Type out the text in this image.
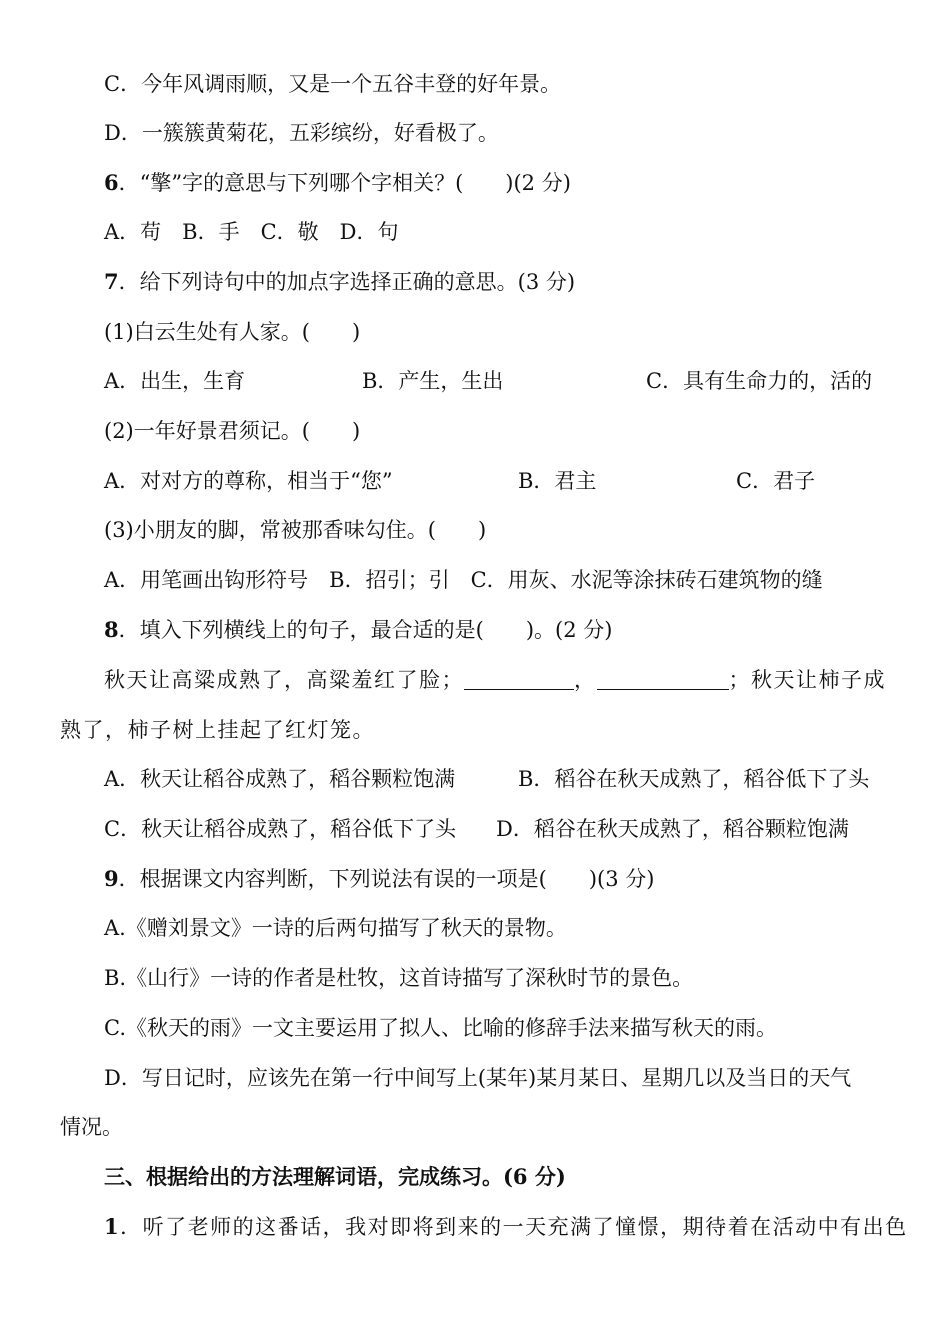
C．今年风调雨顺，又是一个五谷丰登的好年景。

D．一簇簇黄菊花，五彩缤纷，好看极了。

6．“擎”字的意思与下列哪个字相关？(　　)(2 分)

A．苟　B．手　C．敬　D．句

7．给下列诗句中的加点字选择正确的意思。(3 分)

(1)白云生处有人家。(　　)

A．出生，生育	B．产生，生出	C．具有生命力的，活的

(2)一年好景君须记。(　　)

A．对对方的尊称，相当于“您”	B．君主	C．君子

(3)小朋友的脚，常被那香味勾住。(　　)

A．用笔画出钩形符号　B．招引；引　C．用灰、水泥等涂抹砖石建筑物的缝

8．填入下列横线上的句子，最合适的是(　　)。(2 分)

秋天让高粱成熟了，高粱羞红了脸；	，	；秋天让柿子成

熟了，柿子树上挂起了红灯笼。

A．秋天让稻谷成熟了，稻谷颗粒饱满	B．稻谷在秋天成熟了，稻谷低下了头
C．秋天让稻谷成熟了，稻谷低下了头 D．稻谷在秋天成熟了，稻谷颗粒饱满

9．根据课文内容判断，下列说法有误的一项是(　　)(3 分)

A.《赠刘景文》一诗的后两句描写了秋天的景物。

B.《山行》一诗的作者是杜牧，这首诗描写了深秋时节的景色。

C.《秋天的雨》一文主要运用了拟人、比喻的修辞手法来描写秋天的雨。

D．写日记时，应该先在第一行中间写上(某年)某月某日、星期几以及当日的天气

情况。

三、根据给出的方法理解词语，完成练习。(6 分)

1．听了老师的这番话，我对即将到来的一天充满了憧憬，期待着在活动中有出色
